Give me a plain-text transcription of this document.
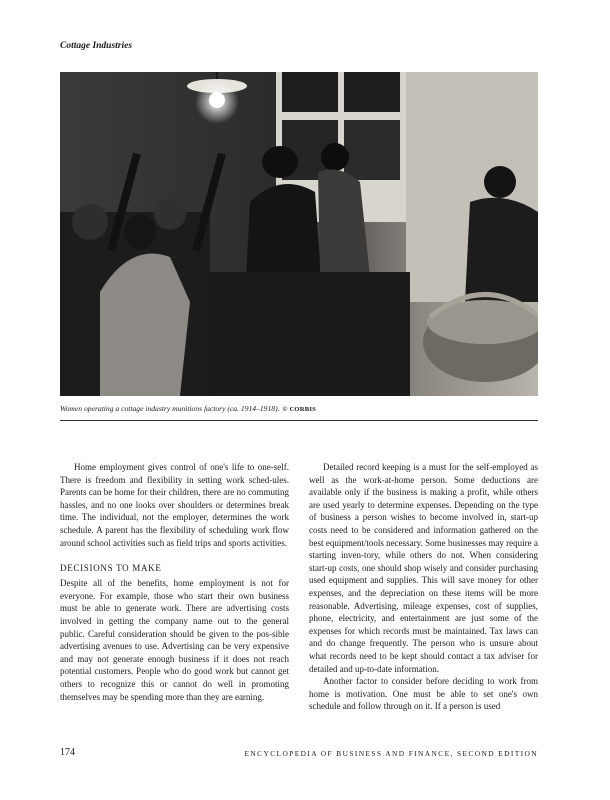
Cottage Industries
Women operating a cottage industry munitions factory (ca. 1914–1918). © CORBIS

Home employment gives control of one's life to one-self. There is freedom and flexibility in setting work sched-ules. Parents can be home for their children, there are no commuting hassles, and no one looks over shoulders or determines break time. The individual, not the employer, determines the work schedule. A parent has the flexibility of scheduling work flow around school activities such as field trips and sports activities.

DECISIONS TO MAKE

Despite all of the benefits, home employment is not for everyone. For example, those who start their own business must be able to generate work. There are advertising costs involved in getting the company name out to the general public. Careful consideration should be given to the pos-sible advertising avenues to use. Advertising can be very expensive and may not generate enough business if it does not reach potential customers. People who do good work but cannot get others to recognize this or cannot do well in promoting themselves may be spending more than they are earning.

Detailed record keeping is a must for the self-employed as well as the work-at-home person. Some deductions are available only if the business is making a profit, while others are used yearly to determine expenses. Depending on the type of business a person wishes to become involved in, start-up costs need to be considered and information gathered on the best equipment/tools necessary. Some businesses may require a starting inven-tory, while others do not. When considering start-up costs, one should shop wisely and consider purchasing used equipment and supplies. This will save money for other expenses, and the depreciation on these items will be more reasonable. Advertising, mileage expenses, cost of supplies, phone, electricity, and entertainment are just some of the expenses for which records must be maintained. Tax laws can and do change frequently. The person who is unsure about what records need to be kept should contact a tax adviser for detailed and up-to-date information.

Another factor to consider before deciding to work from home is motivation. One must be able to set one's own schedule and follow through on it. If a person is used

174	ENCYCLOPEDIA OF BUSINESS AND FINANCE, SECOND EDITION
